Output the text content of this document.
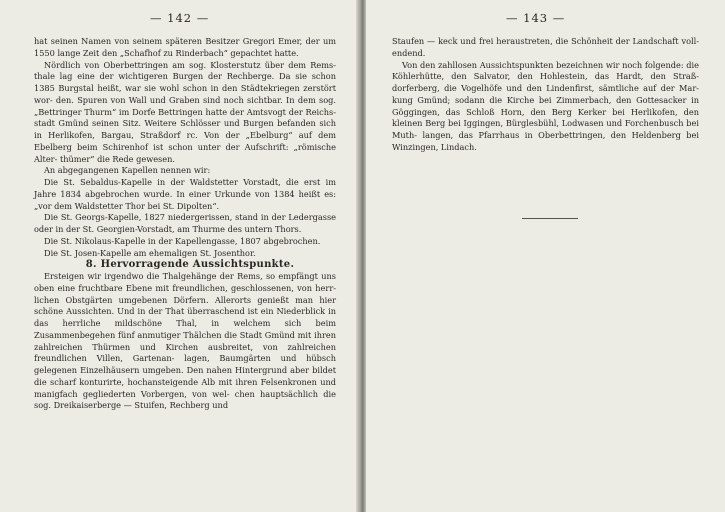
— 142 —

hat seinen Namen von seinem späteren Besitzer Gregori Emer, der um 1550 lange Zeit den „Schafhof zu Rinderbach“ gepachtet hatte.

Nördlich von Oberbettringen am sog. Klosterstutz über dem Rems- thale lag eine der wichtigeren Burgen der Rechberge. Da sie schon 1385 Burgstal heißt, war sie wohl schon in den Städtekriegen zerstört wor- den. Spuren von Wall und Graben sind noch sichtbar. In dem sog. „Bettringer Thurm“ im Dorfe Bettringen hatte der Amtsvogt der Reichs- stadt Gmünd seinen Sitz. Weitere Schlösser und Burgen befanden sich in Herlikofen, Bargau, Straßdorf rc. Von der „Ebelburg“ auf dem Ebelberg beim Schirenhof ist schon unter der Aufschrift: „römische Alter- thümer“ die Rede gewesen.

An abgegangenen Kapellen nennen wir:

Die St. Sebaldus-Kapelle in der Waldstetter Vorstadt, die erst im Jahre 1834 abgebrochen wurde. In einer Urkunde von 1384 heißt es: „vor dem Waldstetter Thor bei St. Dipolten“.

Die St. Georgs-Kapelle, 1827 niedergerissen, stand in der Ledergasse oder in der St. Georgien-Vorstadt, am Thurme des untern Thors.

Die St. Nikolaus-Kapelle in der Kapellengasse, 1807 abgebrochen.

Die St. Josen-Kapelle am ehemaligen St. Josenthor.

8. Hervorragende Aussichtspunkte.

Ersteigen wir irgendwo die Thalgehänge der Rems, so empfängt uns oben eine fruchtbare Ebene mit freundlichen, geschlossenen, von herr- lichen Obstgärten umgebenen Dörfern. Allerorts genießt man hier schöne Aussichten. Und in der That überraschend ist ein Niederblick in das herrliche mildschöne Thal, in welchem sich beim Zusammenbegehen fünf anmutiger Thälchen die Stadt Gmünd mit ihren zahlreichen Thürmen und Kirchen ausbreitet, von zahlreichen freundlichen Villen, Gartenan- lagen, Baumgärten und hübsch gelegenen Einzelhäusern umgeben. Den nahen Hintergrund aber bildet die scharf konturirte, hochansteigende Alb mit ihren Felsenkronen und manigfach gegliederten Vorbergen, von wel- chen hauptsächlich die sog. Dreikaiserberge — Stuifen, Rechberg und

— 143 —

Staufen — keck und frei heraustreten, die Schönheit der Landschaft voll- endend.

Von den zahllosen Aussichtspunkten bezeichnen wir noch folgende: die Köhlerhütte, den Salvator, den Hohlestein, das Hardt, den Straß- dorferberg, die Vogelhöfe und den Lindenfirst, sämtliche auf der Mar- kung Gmünd; sodann die Kirche bei Zimmerbach, den Gottesacker in Göggingen, das Schloß Horn, den Berg Kerker bei Herlikofen, den kleinen Berg bei Iggingen, Bürglesbühl, Lodwasen und Forchenbusch bei Muth- langen, das Pfarrhaus in Oberbettringen, den Heldenberg bei Winzingen, Lindach.
